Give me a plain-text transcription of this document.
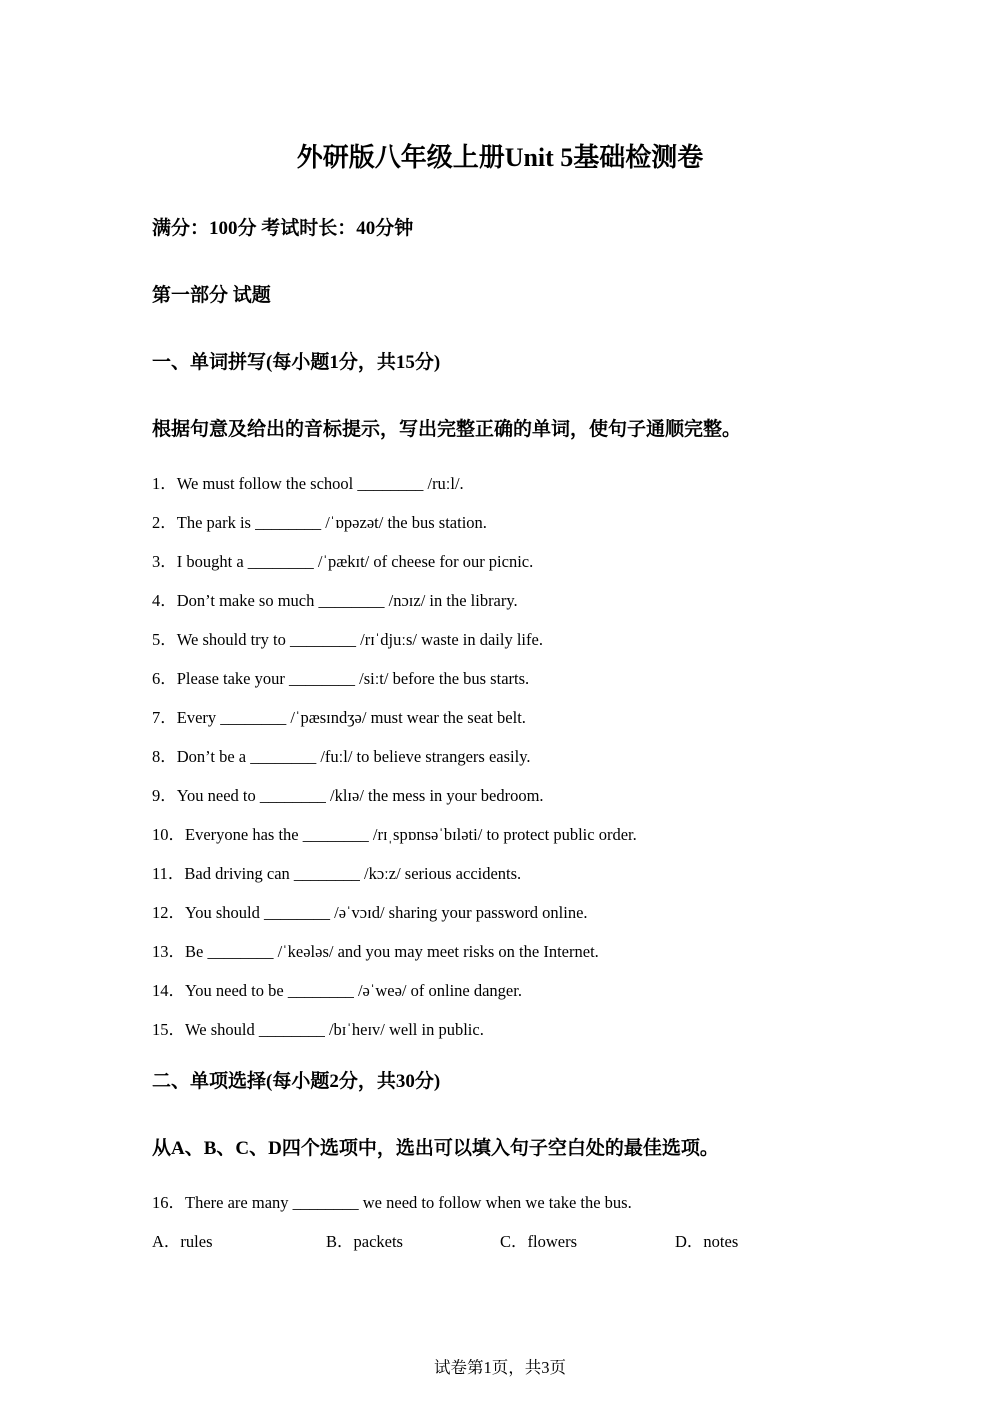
外研版八年级上册Unit 5基础检测卷
满分：100分 考试时长：40分钟
第一部分 试题
一、单词拼写(每小题1分，共15分)
根据句意及给出的音标提示，写出完整正确的单词，使句子通顺完整。
1．We must follow the school ________ /ruːl/.
2．The park is ________ /ˈɒpəzət/ the bus station.
3．I bought a ________ /ˈpækɪt/ of cheese for our picnic.
4．Don’t make so much ________ /nɔɪz/ in the library.
5．We should try to ________ /rɪˈdjuːs/ waste in daily life.
6．Please take your ________ /siːt/ before the bus starts.
7．Every ________ /ˈpæsɪndʒə/ must wear the seat belt.
8．Don’t be a ________ /fuːl/ to believe strangers easily.
9．You need to ________ /klɪə/ the mess in your bedroom.
10．Everyone has the ________ /rɪˌspɒnsəˈbɪləti/ to protect public order.
11．Bad driving can ________ /kɔːz/ serious accidents.
12．You should ________ /əˈvɔɪd/ sharing your password online.
13．Be ________ /ˈkeələs/ and you may meet risks on the Internet.
14．You need to be ________ /əˈweə/ of online danger.
15．We should ________ /bɪˈheɪv/ well in public.
二、单项选择(每小题2分，共30分)
从A、B、C、D四个选项中，选出可以填入句子空白处的最佳选项。
16．There are many ________ we need to follow when we take the bus.
A．rules	B．packets	C．flowers	D．notes
试卷第1页，共3页
